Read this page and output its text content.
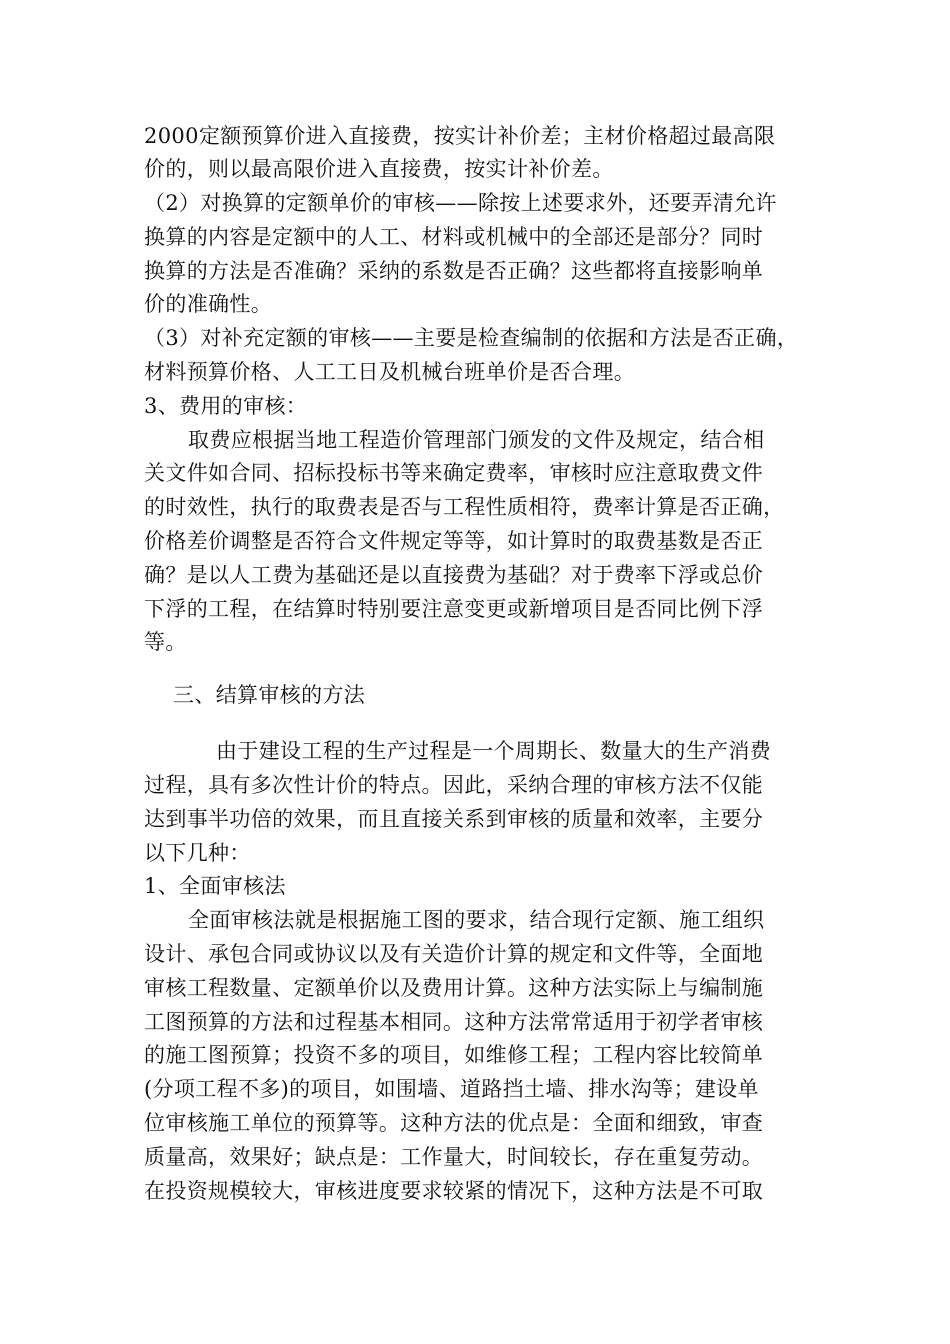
2000定额预算价进入直接费，按实计补价差；主材价格超过最高限
价的，则以最高限价进入直接费，按实计补价差。
（2）对换算的定额单价的审核——除按上述要求外，还要弄清允许
换算的内容是定额中的人工、材料或机械中的全部还是部分？同时
换算的方法是否准确？采纳的系数是否正确？这些都将直接影响单
价的准确性。
（3）对补充定额的审核——主要是检查编制的依据和方法是否正确，
材料预算价格、人工工日及机械台班单价是否合理。
3、费用的审核：
取费应根据当地工程造价管理部门颁发的文件及规定，结合相
关文件如合同、招标投标书等来确定费率，审核时应注意取费文件
的时效性，执行的取费表是否与工程性质相符，费率计算是否正确，
价格差价调整是否符合文件规定等等，如计算时的取费基数是否正
确？是以人工费为基础还是以直接费为基础？对于费率下浮或总价
下浮的工程，在结算时特别要注意变更或新增项目是否同比例下浮
等。
三、结算审核的方法
由于建设工程的生产过程是一个周期长、数量大的生产消费
过程，具有多次性计价的特点。因此，采纳合理的审核方法不仅能
达到事半功倍的效果，而且直接关系到审核的质量和效率，主要分
以下几种：
1、全面审核法
全面审核法就是根据施工图的要求，结合现行定额、施工组织
设计、承包合同或协议以及有关造价计算的规定和文件等，全面地
审核工程数量、定额单价以及费用计算。这种方法实际上与编制施
工图预算的方法和过程基本相同。这种方法常常适用于初学者审核
的施工图预算；投资不多的项目，如维修工程；工程内容比较简单
(分项工程不多)的项目，如围墙、道路挡土墙、排水沟等；建设单
位审核施工单位的预算等。这种方法的优点是：全面和细致，审查
质量高，效果好；缺点是：工作量大，时间较长，存在重复劳动。
在投资规模较大，审核进度要求较紧的情况下，这种方法是不可取
